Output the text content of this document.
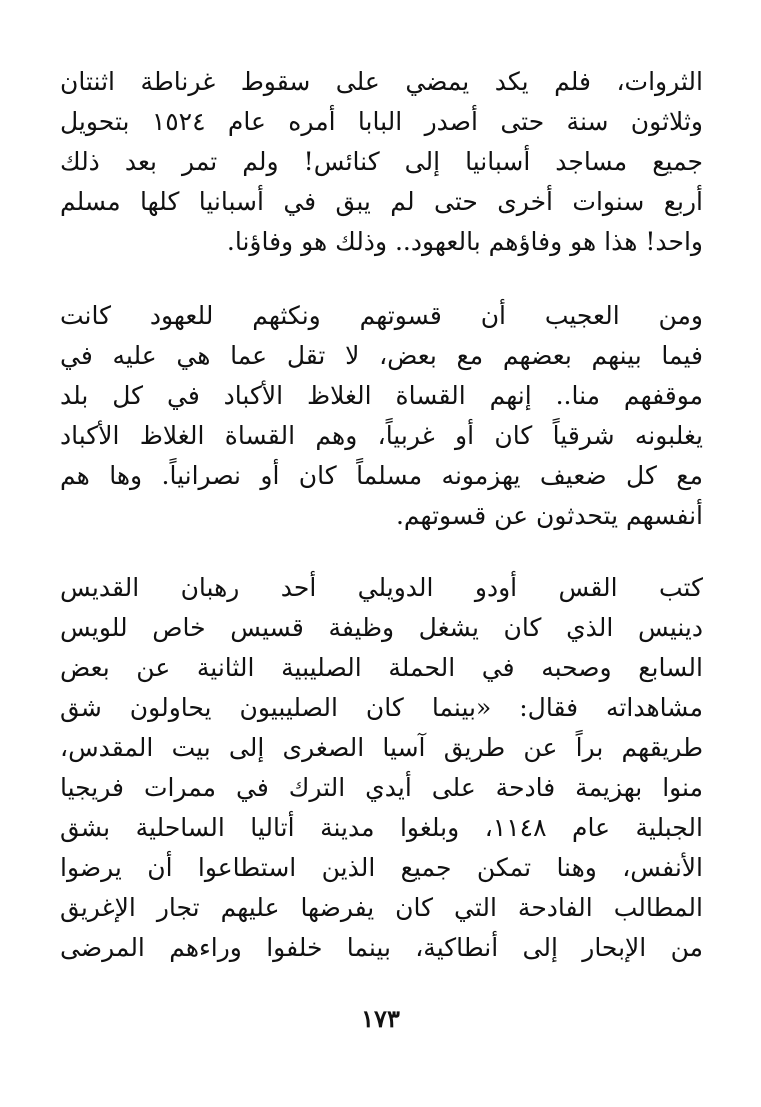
الثروات، فلم يكد يمضي على سقوط غرناطة اثنتان
وثلاثون سنة حتى أصدر البابا أمره عام ١٥٢٤ بتحويل
جميع مساجد أسبانيا إلى كنائس! ولم تمر بعد ذلك
أربع سنوات أخرى حتى لم يبق في أسبانيا كلها مسلم
واحد! هذا هو وفاؤهم بالعهود.. وذلك هو وفاؤنا.
ومن العجيب أن قسوتهم ونكثهم للعهود كانت
فيما بينهم بعضهم مع بعض، لا تقل عما هي عليه في
موقفهم منا.. إنهم القساة الغلاظ الأكباد في كل بلد
يغلبونه شرقياً كان أو غربياً، وهم القساة الغلاظ الأكباد
مع كل ضعيف يهزمونه مسلماً كان أو نصرانياً. وها هم
أنفسهم يتحدثون عن قسوتهم.
كتب القس أودو الدويلي أحد رهبان القديس
دينيس الذي كان يشغل وظيفة قسيس خاص للويس
السابع وصحبه في الحملة الصليبية الثانية عن بعض
مشاهداته فقال: «بينما كان الصليبيون يحاولون شق
طريقهم براً عن طريق آسيا الصغرى إلى بيت المقدس،
منوا بهزيمة فادحة على أيدي الترك في ممرات فريجيا
الجبلية عام ١١٤٨، وبلغوا مدينة أتاليا الساحلية بشق
الأنفس، وهنا تمكن جميع الذين استطاعوا أن يرضوا
المطالب الفادحة التي كان يفرضها عليهم تجار الإغريق
من الإبحار إلى أنطاكية، بينما خلفوا وراءهم المرضى
١٧٣
